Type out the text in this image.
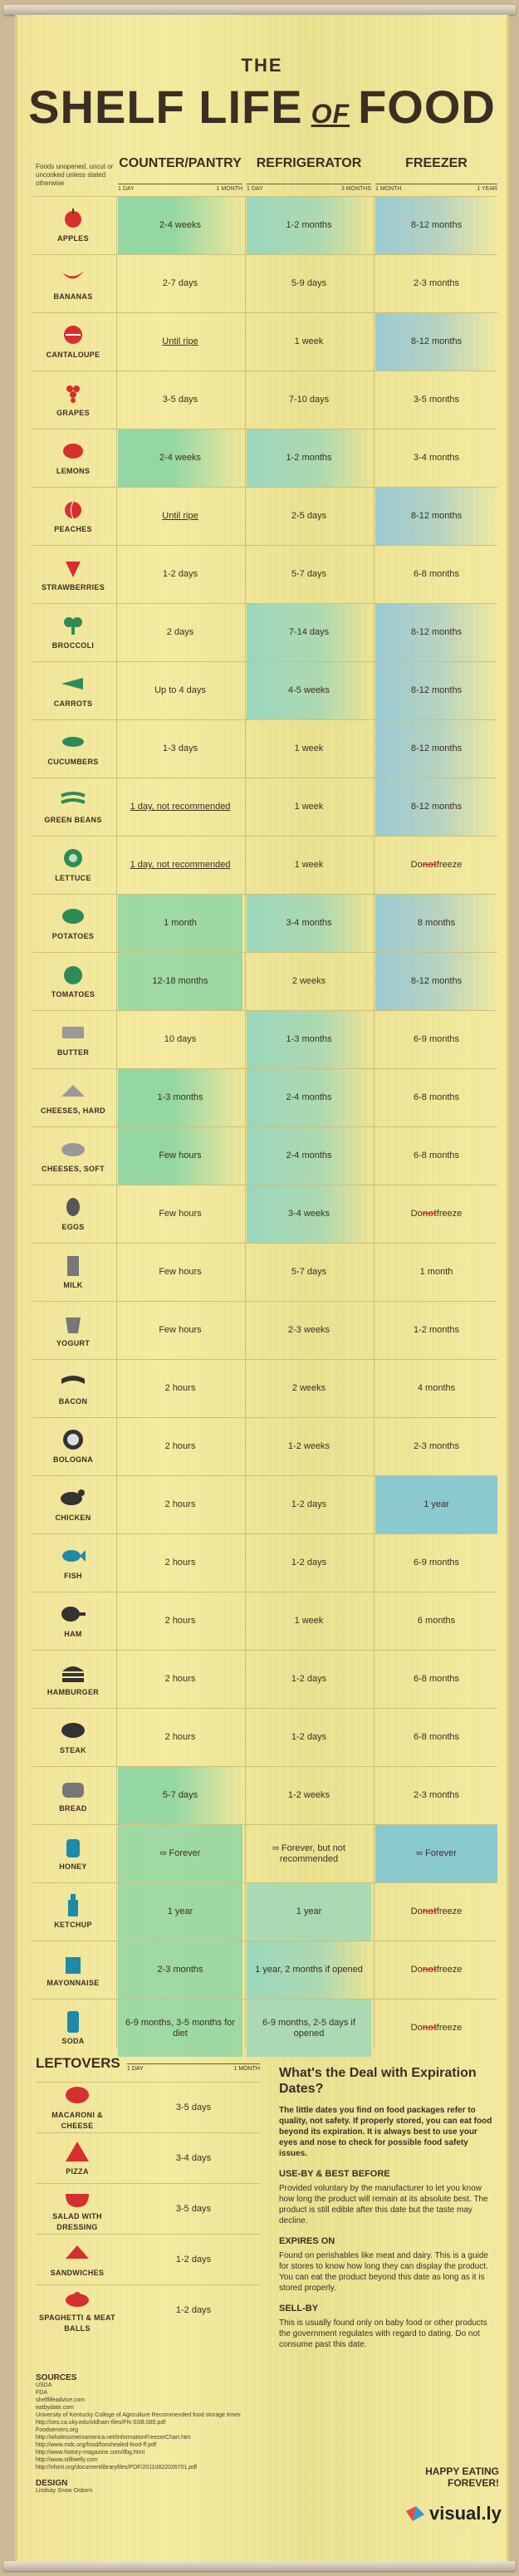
THE
SHELF LIFE OF FOOD
Foods unopened, uncut or uncooked unless stated otherwise
COUNTER/PANTRY	REFRIGERATOR	FREEZER
1 DAY	1 MONTH 1 DAY	3 MONTHS 1 MONTH	1 YEAR
APPLES
2-4 weeks	1-2 months	8-12 months
BANANAS
2-7 days	5-9 days	2-3 months
CANTALOUPE
Until ripe	1 week	8-12 months
GRAPES
3-5 days	7-10 days	3-5 months
LEMONS
2-4 weeks	1-2 months	3-4 months
PEACHES
Until ripe	2-5 days	8-12 months
STRAWBERRIES
1-2 days	5-7 days	6-8 months
BROCCOLI
2 days	7-14 days	8-12 months
CARROTS
Up to 4 days	4-5 weeks	8-12 months
CUCUMBERS
1-3 days	1 week	8-12 months
GREEN BEANS
1 day, not recommended	1 week	8-12 months
LETTUCE
1 day, not recommended	1 week	Do not freeze
POTATOES
1 month	3-4 months	8 months
TOMATOES
12-18 months	2 weeks	8-12 months
BUTTER
10 days	1-3 months	6-9 months
CHEESES, HARD
1-3 months	2-4 months	6-8 months
CHEESES, SOFT
Few hours	2-4 months	6-8 months
EGGS
Few hours	3-4 weeks	Do not freeze
MILK
Few hours	5-7 days	1 month
YOGURT
Few hours	2-3 weeks	1-2 months
BACON
2 hours	2 weeks	4 months
BOLOGNA
2 hours	1-2 weeks	2-3 months
CHICKEN
2 hours	1-2 days	1 year
FISH
2 hours	1-2 days	6-9 months
HAM
2 hours	1 week	6 months
HAMBURGER
2 hours	1-2 days	6-8 months
STEAK
2 hours	1-2 days	6-8 months
BREAD
5-7 days	1-2 weeks	2-3 months
HONEY
∞ Forever
∞ Forever, but not recommended
∞ Forever
KETCHUP
1 year	1 year	Do not freeze
MAYONNAISE
2-3 months	1 year, 2 months if opened	Do not freeze
SODA
6-9 months, 3-5 months for diet
6-9 months, 2-5 days if opened
Do not freeze
LEFTOVERS	1 DAY	1 MONTH
MACARONI & CHEESE
3-5 days
PIZZA
3-4 days
SALAD WITH DRESSING
3-5 days
SANDWICHES
1-2 days
SPAGHETTI & MEAT BALLS
1-2 days
What's the Deal with Expiration Dates?

The little dates you find on food packages refer to quality, not safety. If properly stored, you can eat food beyond its expiration. It is always best to use your eyes and nose to check for possible food safety issues.

USE-BY & BEST BEFORE

Provided voluntary by the manufacturer to let you know how long the product will remain at its absolute best. The product is still edible after this date but the taste may decline.

EXPIRES ON

Found on perishables like meat and dairy. This is a guide for stores to know how long they can display the product. You can eat the product beyond this date as long as it is stored properly.

SELL-BY

This is usually found only on baby food or other products the government regulates with regard to dating. Do not consume past this date.

SOURCES
USDA
FDA
shelflifeadvice.com
eatbydate.com
University of Kentucky College of Agriculture Recommended food storage times
http://ces.ca.uky.edu/oldham-files/FN-SSB.085.pdf
Foodservers.org
http://wholesomeinamerica.net/InformationFreezerChart.htm
http://www.mdc.org/food/fooshealed-food-ff.pdf
http://www.history-magazine.com/ifbg.html
http://www.stillwelly.com
http://nfsmi.org/documentlibraryfiles/PDF/20110822026701.pdf
DESIGN
Lindsay Snow Osborn
HAPPY EATING FOREVER!
visual.ly
